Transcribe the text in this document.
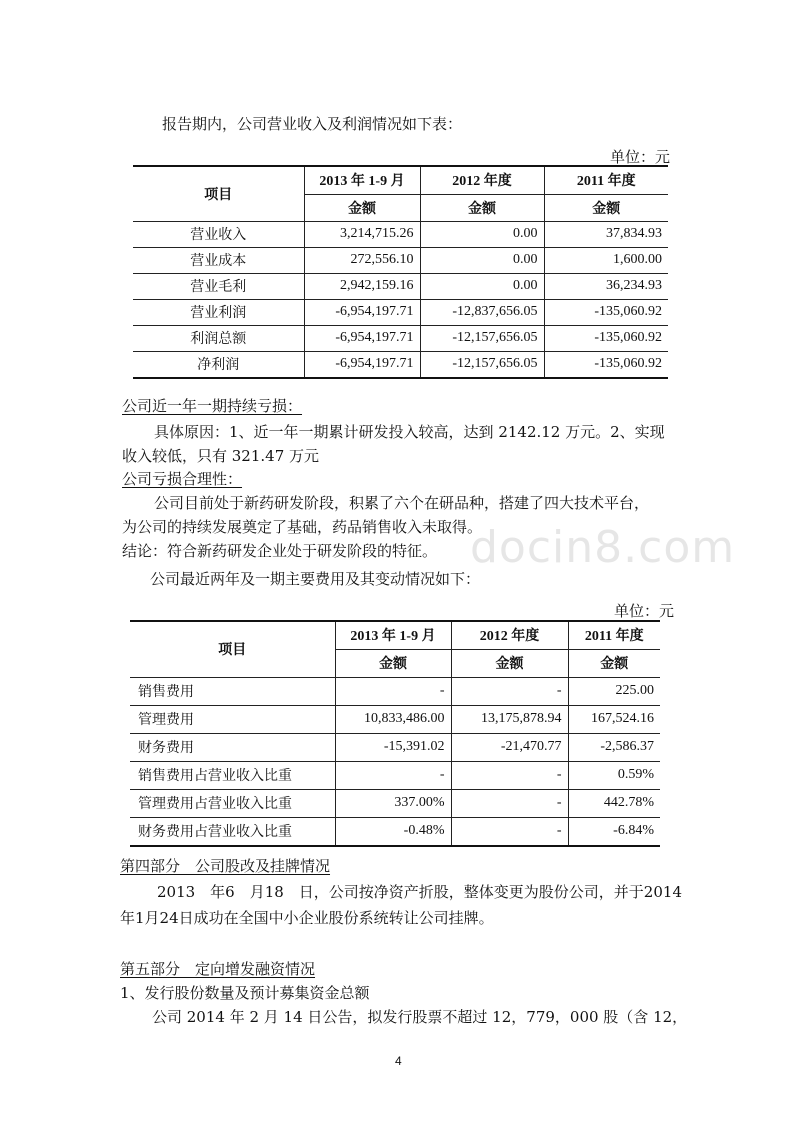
docin8.com
报告期内，公司营业收入及利润情况如下表：
单位：元
项目	2013 年 1-9 月	2012 年度	2011 年度
	金额	金额	金额
营业收入	3,214,715.26	0.00	37,834.93
营业成本	272,556.10	0.00	1,600.00
营业毛利	2,942,159.16	0.00	36,234.93
营业利润	-6,954,197.71	-12,837,656.05	-135,060.92
利润总额	-6,954,197.71	-12,157,656.05	-135,060.92
净利润	-6,954,197.71	-12,157,656.05	-135,060.92
公司近一年一期持续亏损：
具体原因：1、近一年一期累计研发投入较高，达到 2142.12 万元。2、实现
收入较低，只有 321.47 万元
公司亏损合理性：
公司目前处于新药研发阶段，积累了六个在研品种，搭建了四大技术平台，
为公司的持续发展奠定了基础，药品销售收入未取得。
结论：符合新药研发企业处于研发阶段的特征。
公司最近两年及一期主要费用及其变动情况如下：
单位：元
项目	2013 年 1-9 月	2012 年度	2011 年度
	金额	金额	金额
销售费用	-	-	225.00
管理费用	10,833,486.00	13,175,878.94	167,524.16
财务费用	-15,391.02	-21,470.77	-2,586.37
销售费用占营业收入比重	-	-	0.59%
管理费用占营业收入比重	337.00%	-	442.78%
财务费用占营业收入比重	-0.48%	-	-6.84%
第四部分　公司股改及挂牌情况
2013　年6　月18　日，公司按净资产折股，整体变更为股份公司，并于2014
年1月24日成功在全国中小企业股份系统转让公司挂牌。
第五部分　定向增发融资情况
1、发行股份数量及预计募集资金总额
公司 2014 年 2 月 14 日公告，拟发行股票不超过 12，779，000 股（含 12，
4
